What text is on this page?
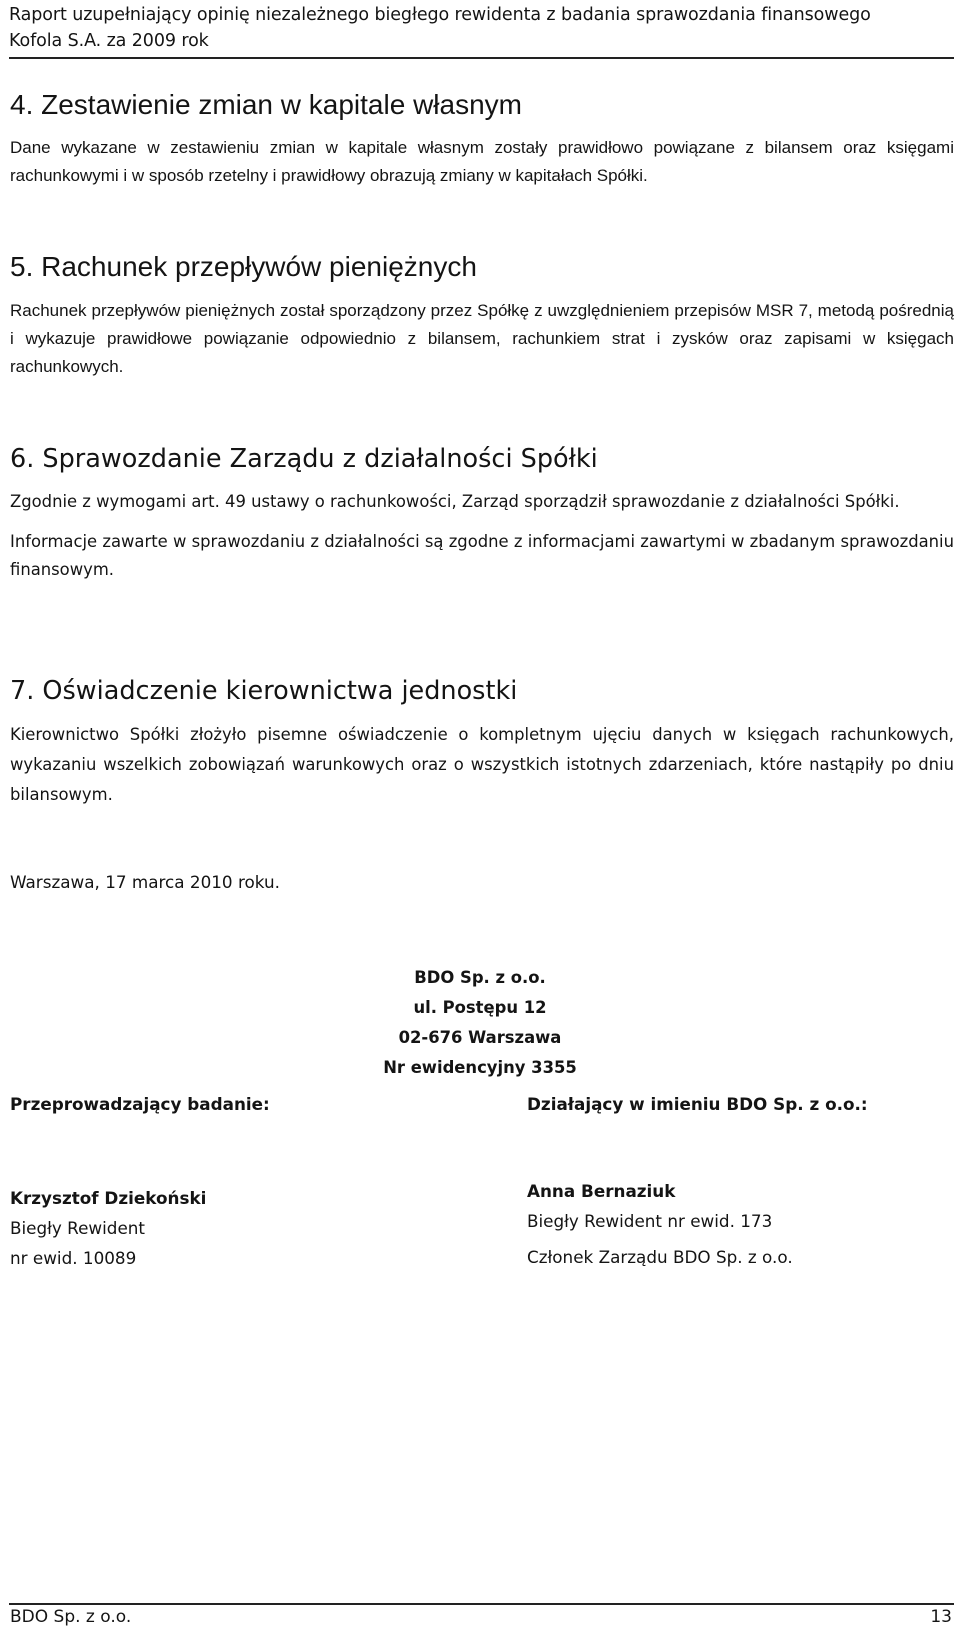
Raport uzupełniający opinię niezależnego biegłego rewidenta z badania sprawozdania finansowego
Kofola S.A. za 2009 rok
4. Zestawienie zmian w kapitale własnym

Dane wykazane w zestawieniu zmian w kapitale własnym zostały prawidłowo powiązane z bilansem oraz księgami rachunkowymi i w sposób rzetelny i prawidłowy obrazują zmiany w kapitałach Spółki.

5. Rachunek przepływów pieniężnych

Rachunek przepływów pieniężnych został sporządzony przez Spółkę z uwzględnieniem przepisów MSR 7, metodą pośrednią i wykazuje prawidłowe powiązanie odpowiednio z bilansem, rachunkiem strat i zysków oraz zapisami w księgach rachunkowych.

6. Sprawozdanie Zarządu z działalności Spółki

Zgodnie z wymogami art. 49 ustawy o rachunkowości, Zarząd sporządził sprawozdanie z działalności Spółki.

Informacje zawarte w sprawozdaniu z działalności są zgodne z informacjami zawartymi w zbadanym sprawozdaniu finansowym.

7. Oświadczenie kierownictwa jednostki

Kierownictwo Spółki złożyło pisemne oświadczenie o kompletnym ujęciu danych w księgach rachunkowych, wykazaniu wszelkich zobowiązań warunkowych oraz o wszystkich istotnych zdarzeniach, które nastąpiły po dniu bilansowym.

Warszawa, 17 marca 2010 roku.
BDO Sp. z o.o.
ul. Postępu 12
02-676 Warszawa
Nr ewidencyjny 3355
Przeprowadzający badanie:	Działający w imieniu BDO Sp. z o.o.:
Krzysztof Dziekoński
Biegły Rewident
nr ewid. 10089
Anna Bernaziuk
Biegły Rewident nr ewid. 173
Członek Zarządu BDO Sp. z o.o.
BDO Sp. z o.o.	13
